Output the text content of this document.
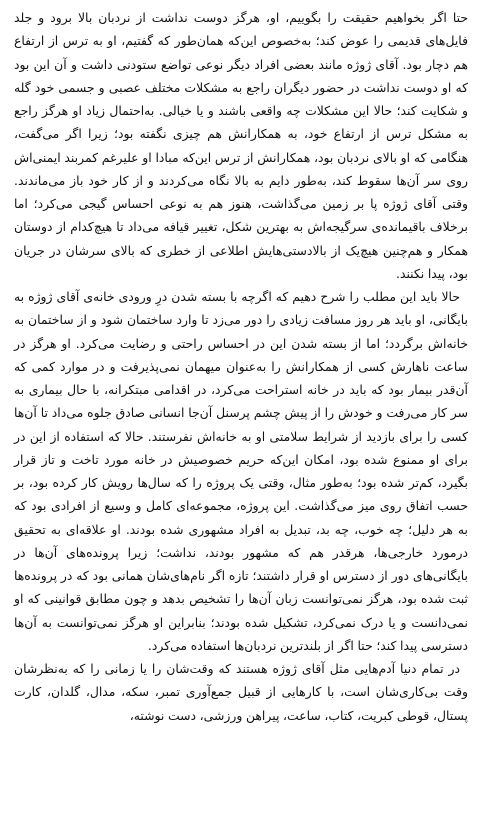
حتا اگر بخواهیم حقیقت را بگوییم، او، هرگز دوست نداشت از نردبان بالا برود و جلد فایل‌های قدیمی را عوض کند؛ به‌خصوص این‌که همان‌طور که گفتیم، او به ترس از ارتفاع هم دچار بود. آقای ژوژه مانند بعضی افراد دیگر نوعی تواضع ستودنی داشت و آن این بود که او دوست نداشت در حضور دیگران راجع به مشکلات مختلف عصبی و جسمی خود گله و شکایت کند؛ حالا این مشکلات چه واقعی باشند و یا خیالی. به‌احتمال زیاد او هرگز راجع به مشکل ترس از ارتفاع خود، به همکارانش هم چیزی نگفته بود؛ زیرا اگر می‌گفت، هنگامی که او بالای نردبان بود، همکارانش از ترس این‌که مبادا او علیرغم کمربند ایمنی‌اش روی سر آن‌ها سقوط کند، به‌طور دایم به بالا نگاه می‌کردند و از کار خود باز می‌ماندند. وقتی آقای ژوژه پا بر زمین می‌گذاشت، هنوز هم به نوعی احساس گیجی می‌کرد؛ اما برخلاف باقیمانده‌ی سرگیجه‌اش به بهترین شکل، تغییر قیافه می‌داد تا هیچ‌کدام از دوستان همکار و هم‌چنین هیچ‌یک از بالادستی‌هایش اطلاعی از خطری که بالای سرشان در جریان بود، پیدا نکنند.

حالا باید این مطلب را شرح دهیم که اگرچه با بسته شدن درِ ورودی خانه‌ی آقای ژوژه به بایگانی، او باید هر روز مسافت زیادی را دور می‌زد تا وارد ساختمان شود و از ساختمان به خانه‌اش برگردد؛ اما از بسته شدن این در احساس راحتی و رضایت می‌کرد. او هرگز در ساعت ناهارش کسی از همکارانش را به‌عنوان میهمان نمی‌پذیرفت و در موارد کمی که آن‌قدر بیمار بود که باید در خانه استراحت می‌کرد، در اقدامی مبتکرانه، با حال بیماری به سر کار می‌رفت و خودش را از پیش چشم پرسنل آن‌جا انسانی صادق جلوه می‌داد تا آن‌ها کسی را برای بازدید از شرایط سلامتی او به خانه‌اش نفرستند. حالا که استفاده از این در برای او ممنوع شده بود، امکان این‌که حریم خصوصیش در خانه مورد تاخت و تاز قرار بگیرد، کم‌تر شده بود؛ به‌طور مثال، وقتی یک پروژه را که سال‌ها رویش کار کرده بود، بر حسب اتفاق روی میز می‌گذاشت. این پروژه، مجموعه‌ای کامل و وسیع از افرادی بود که به هر دلیل؛ چه خوب، چه بد، تبدیل به افراد مشهوری شده بودند. او علاقه‌ای به تحقیق درمورد خارجی‌ها، هرقدر هم که مشهور بودند، نداشت؛ زیرا پرونده‌های آن‌ها در بایگانی‌های دور از دسترس او قرار داشتند؛ تازه اگر نام‌های‌شان همانی بود که در پرونده‌ها ثبت شده بود، هرگز نمی‌توانست زبان آن‌ها را تشخیص بدهد و چون مطابق قوانینی که او نمی‌دانست و یا درک نمی‌کرد، تشکیل شده بودند؛ بنابراین او هرگز نمی‌توانست به آن‌ها دسترسی پیدا کند؛ حتا اگر از بلندترین نردبان‌ها استفاده می‌کرد.

در تمام دنیا آدم‌هایی مثل آقای ژوژه هستند که وقت‌شان را یا زمانی را که به‌نظرشان وقت بی‌کاری‌شان است، با کارهایی از قبیل جمع‌آوری تمبر، سکه، مدال، گلدان، کارت پستال، قوطی کبریت، کتاب، ساعت، پیراهن ورزشی، دست نوشته،
